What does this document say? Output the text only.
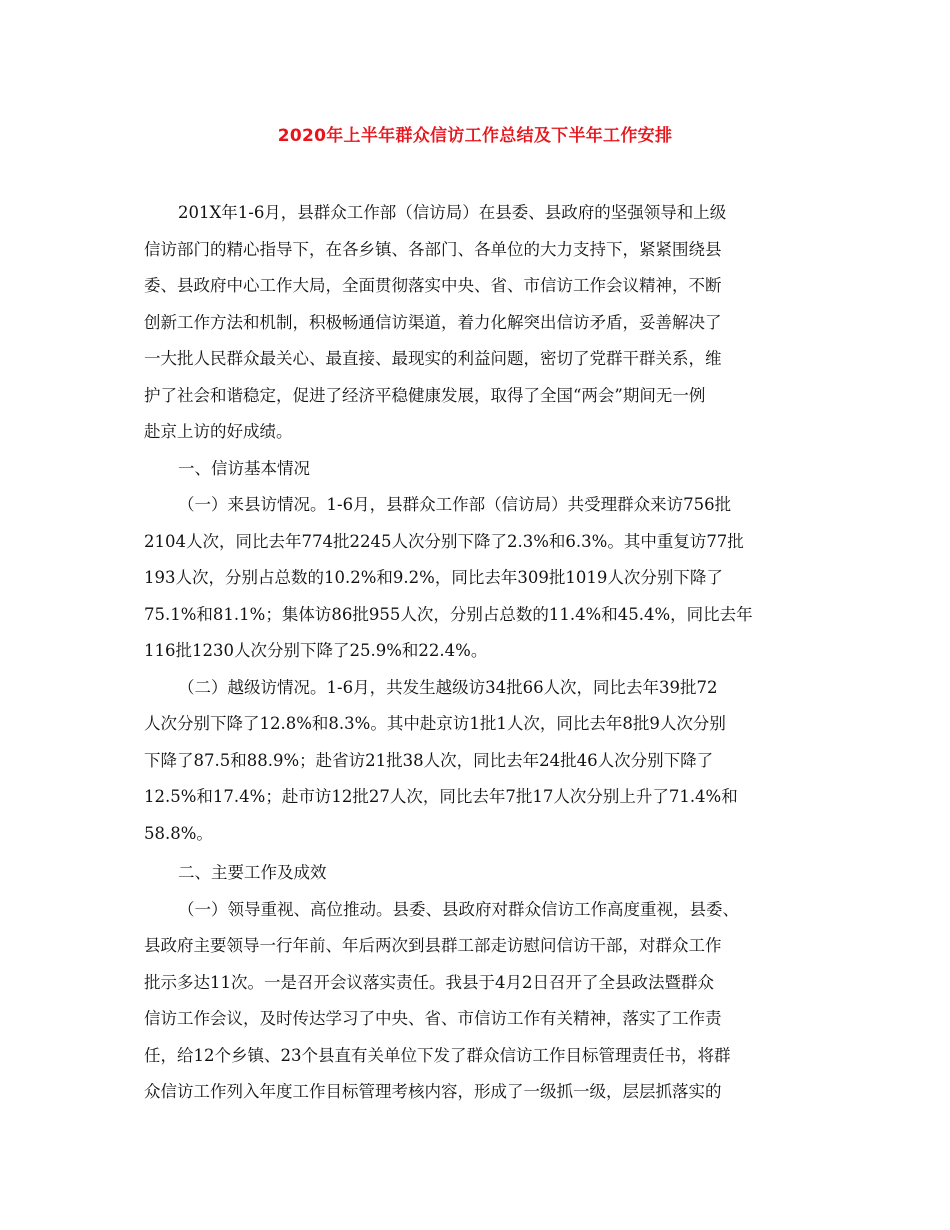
2020年上半年群众信访工作总结及下半年工作安排
201X年1-6月，县群众工作部（信访局）在县委、县政府的坚强领导和上级
信访部门的精心指导下，在各乡镇、各部门、各单位的大力支持下，紧紧围绕县
委、县政府中心工作大局，全面贯彻落实中央、省、市信访工作会议精神，不断
创新工作方法和机制，积极畅通信访渠道，着力化解突出信访矛盾，妥善解决了
一大批人民群众最关心、最直接、最现实的利益问题，密切了党群干群关系，维
护了社会和谐稳定，促进了经济平稳健康发展，取得了全国“两会”期间无一例
赴京上访的好成绩。
一、信访基本情况
（一）来县访情况。1-6月，县群众工作部（信访局）共受理群众来访756批
2104人次，同比去年774批2245人次分别下降了2.3%和6.3%。其中重复访77批
193人次，分别占总数的10.2%和9.2%，同比去年309批1019人次分别下降了
75.1%和81.1%；集体访86批955人次，分别占总数的11.4%和45.4%，同比去年
116批1230人次分别下降了25.9%和22.4%。
（二）越级访情况。1-6月，共发生越级访34批66人次，同比去年39批72
人次分别下降了12.8%和8.3%。其中赴京访1批1人次，同比去年8批9人次分别
下降了87.5和88.9%；赴省访21批38人次，同比去年24批46人次分别下降了
12.5%和17.4%；赴市访12批27人次，同比去年7批17人次分别上升了71.4%和
58.8%。
二、主要工作及成效
（一）领导重视、高位推动。县委、县政府对群众信访工作高度重视，县委、
县政府主要领导一行年前、年后两次到县群工部走访慰问信访干部，对群众工作
批示多达11次。一是召开会议落实责任。我县于4月2日召开了全县政法暨群众
信访工作会议，及时传达学习了中央、省、市信访工作有关精神，落实了工作责
任，给12个乡镇、23个县直有关单位下发了群众信访工作目标管理责任书，将群
众信访工作列入年度工作目标管理考核内容，形成了一级抓一级，层层抓落实的
